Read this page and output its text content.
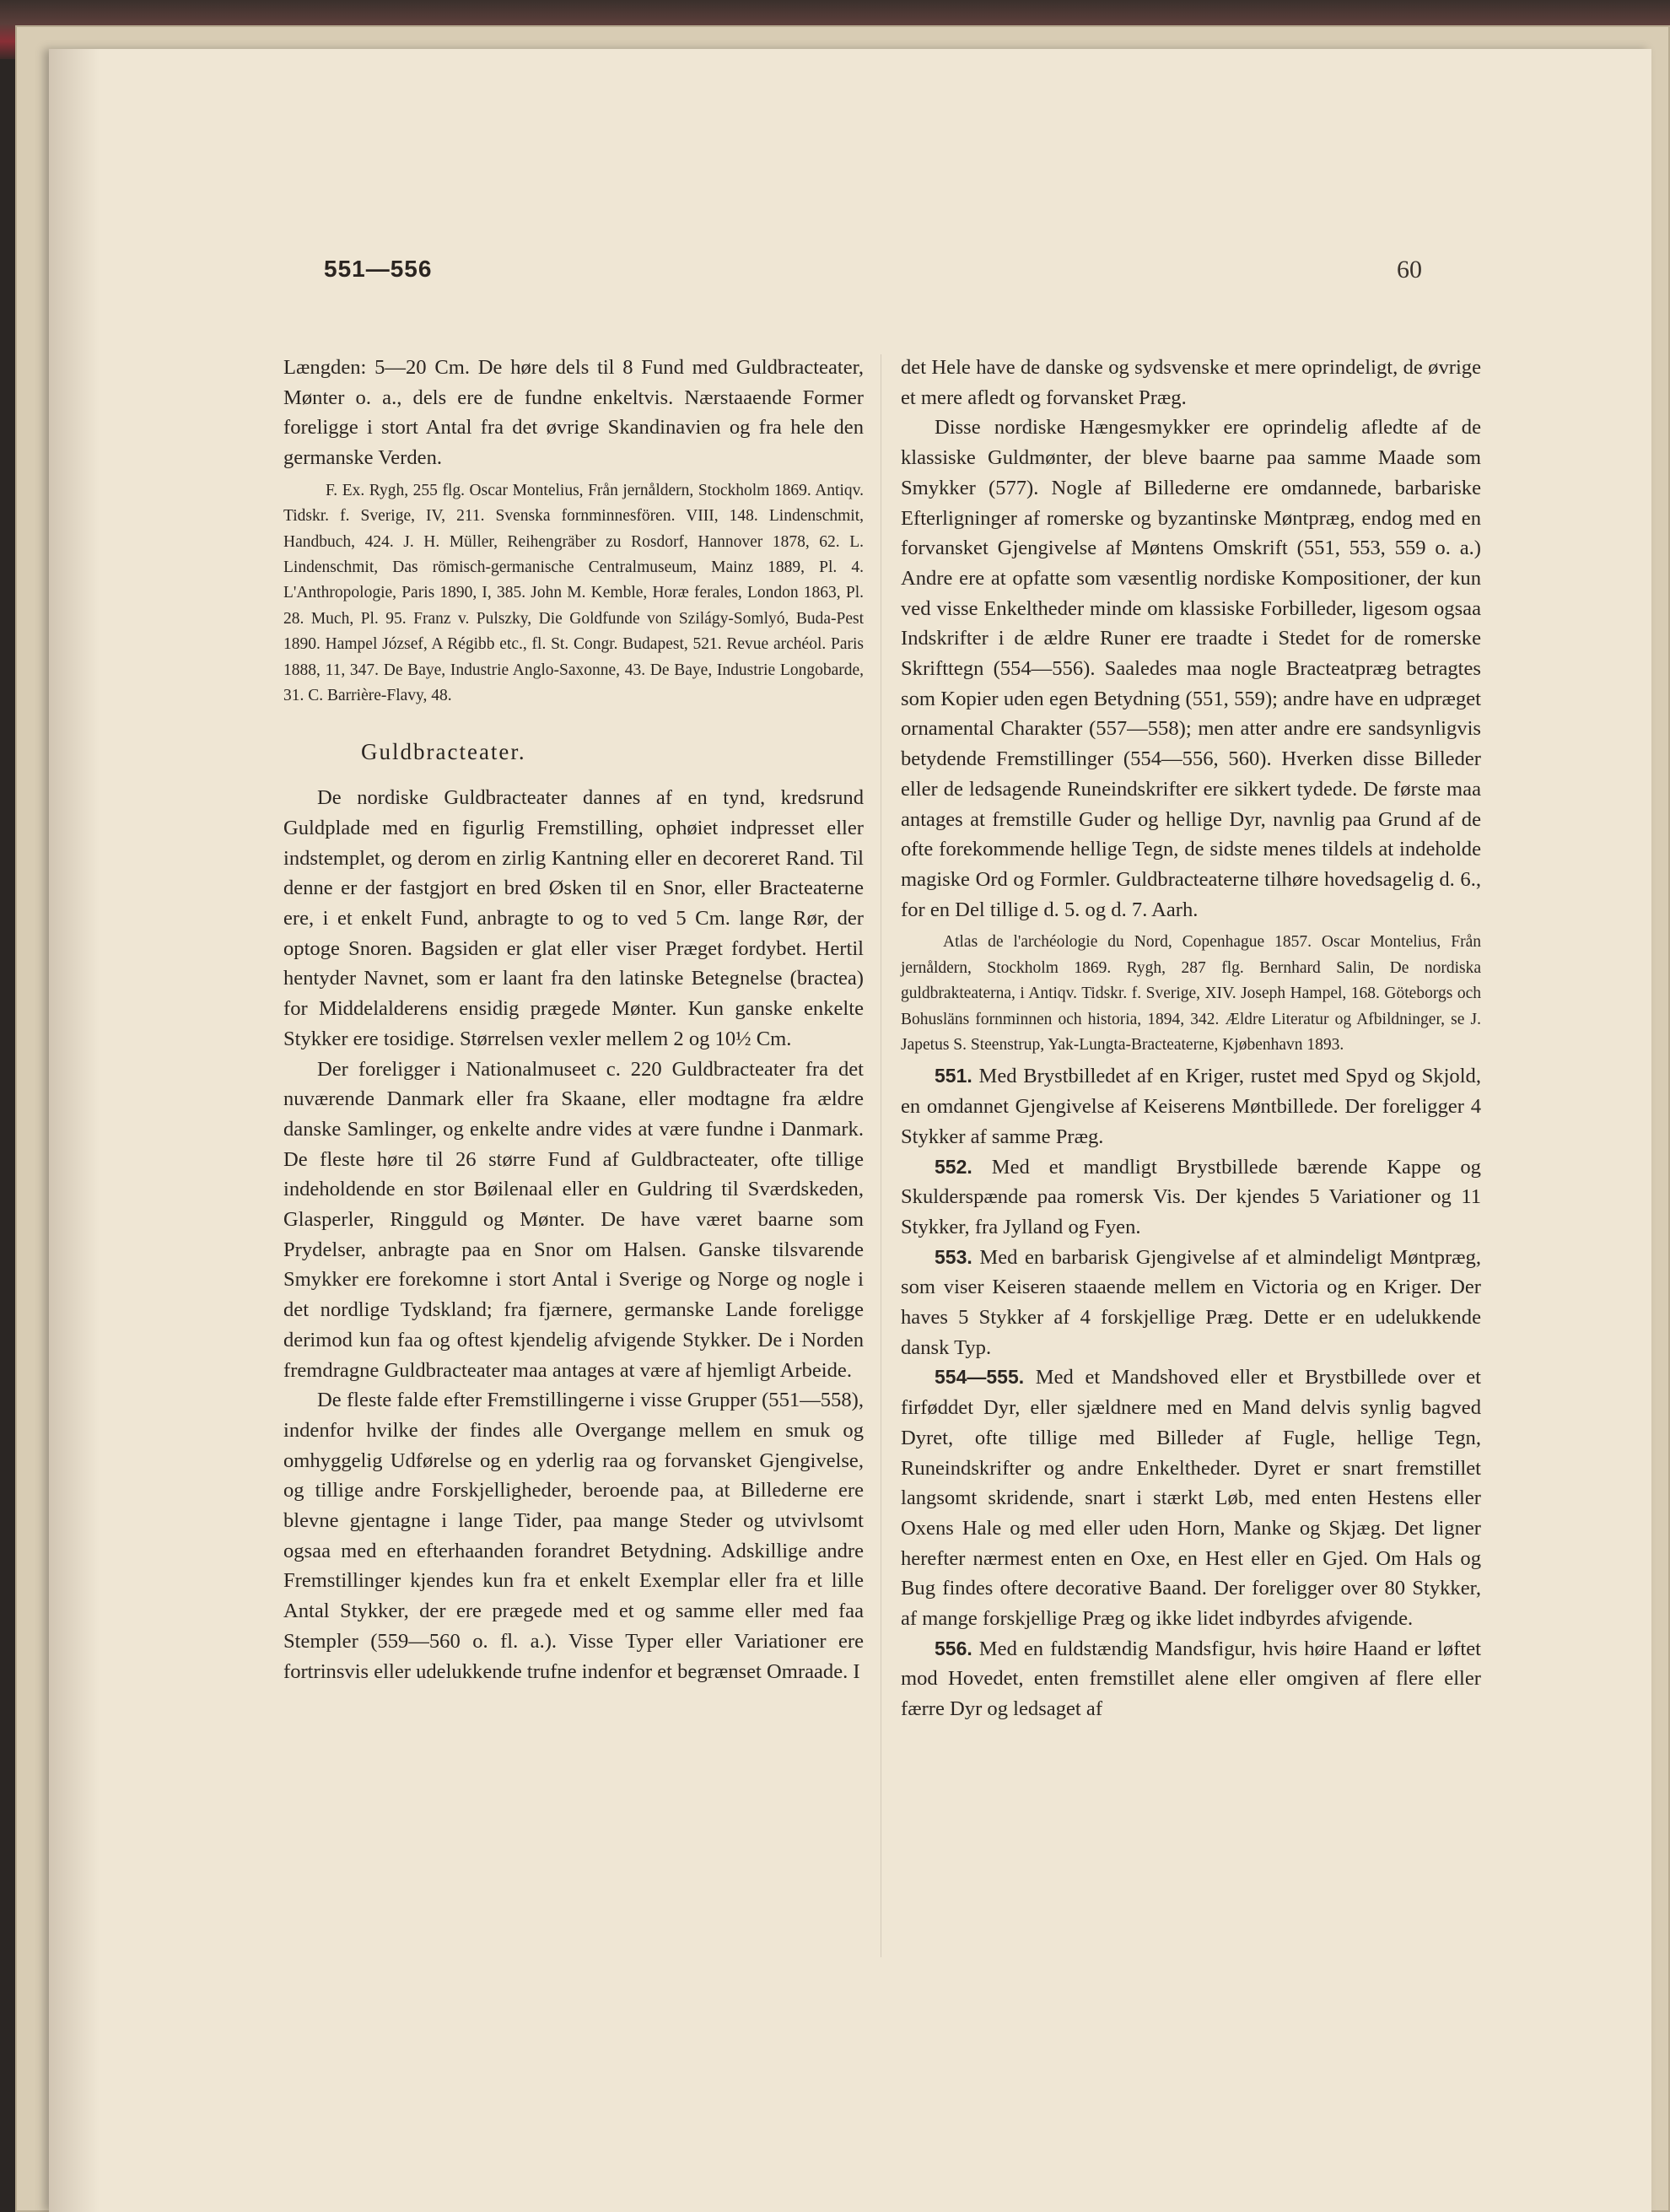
551—556	60

Længden: 5—20 Cm. De høre dels til 8 Fund med Guldbracteater, Mønter o. a., dels ere de fundne enkeltvis. Nærstaaende Former foreligge i stort Antal fra det øvrige Skandinavien og fra hele den germanske Verden.

F. Ex. Rygh, 255 flg. Oscar Montelius, Från jernåldern, Stockholm 1869. Antiqv. Tidskr. f. Sverige, IV, 211. Svenska fornminnesfören. VIII, 148. Lindenschmit, Handbuch, 424. J. H. Müller, Reihengräber zu Rosdorf, Hannover 1878, 62. L. Lindenschmit, Das römisch-germanische Centralmuseum, Mainz 1889, Pl. 4. L'Anthropologie, Paris 1890, I, 385. John M. Kemble, Horæ ferales, London 1863, Pl. 28. Much, Pl. 95. Franz v. Pulszky, Die Goldfunde von Szilágy-Somlyó, Buda-Pest 1890. Hampel József, A Régibb etc., fl. St. Congr. Budapest, 521. Revue archéol. Paris 1888, 11, 347. De Baye, Industrie Anglo-Saxonne, 43. De Baye, Industrie Longobarde, 31. C. Barrière-Flavy, 48.

Guldbracteater.

De nordiske Guldbracteater dannes af en tynd, kredsrund Guldplade med en figurlig Fremstilling, ophøiet indpresset eller indstemplet, og derom en zirlig Kantning eller en decoreret Rand. Til denne er der fastgjort en bred Øsken til en Snor, eller Bracteaterne ere, i et enkelt Fund, anbragte to og to ved 5 Cm. lange Rør, der optoge Snoren. Bagsiden er glat eller viser Præget fordybet. Hertil hentyder Navnet, som er laant fra den latinske Betegnelse (bractea) for Middelalderens ensidig prægede Mønter. Kun ganske enkelte Stykker ere tosidige. Størrelsen vexler mellem 2 og 10½ Cm.

Der foreligger i Nationalmuseet c. 220 Guldbracteater fra det nuværende Danmark eller fra Skaane, eller modtagne fra ældre danske Samlinger, og enkelte andre vides at være fundne i Danmark. De fleste høre til 26 større Fund af Guldbracteater, ofte tillige indeholdende en stor Bøilenaal eller en Guldring til Sværdskeden, Glasperler, Ringguld og Mønter. De have været baarne som Prydelser, anbragte paa en Snor om Halsen. Ganske tilsvarende Smykker ere forekomne i stort Antal i Sverige og Norge og nogle i det nordlige Tydskland; fra fjærnere, germanske Lande foreligge derimod kun faa og oftest kjendelig afvigende Stykker. De i Norden fremdragne Guldbracteater maa antages at være af hjemligt Arbeide.

De fleste falde efter Fremstillingerne i visse Grupper (551—558), indenfor hvilke der findes alle Overgange mellem en smuk og omhyggelig Udførelse og en yderlig raa og forvansket Gjengivelse, og tillige andre Forskjelligheder, beroende paa, at Billederne ere blevne gjentagne i lange Tider, paa mange Steder og utvivlsomt ogsaa med en efterhaanden forandret Betydning. Adskillige andre Fremstillinger kjendes kun fra et enkelt Exemplar eller fra et lille Antal Stykker, der ere prægede med et og samme eller med faa Stempler (559—560 o. fl. a.). Visse Typer eller Variationer ere fortrinsvis eller udelukkende trufne indenfor et begrænset Omraade. I

det Hele have de danske og sydsvenske et mere oprindeligt, de øvrige et mere afledt og forvansket Præg.

Disse nordiske Hængesmykker ere oprindelig afledte af de klassiske Guldmønter, der bleve baarne paa samme Maade som Smykker (577). Nogle af Billederne ere omdannede, barbariske Efterligninger af romerske og byzantinske Møntpræg, endog med en forvansket Gjengivelse af Møntens Omskrift (551, 553, 559 o. a.) Andre ere at opfatte som væsentlig nordiske Kompositioner, der kun ved visse Enkeltheder minde om klassiske Forbilleder, ligesom ogsaa Indskrifter i de ældre Runer ere traadte i Stedet for de romerske Skrifttegn (554—556). Saaledes maa nogle Bracteatpræg betragtes som Kopier uden egen Betydning (551, 559); andre have en udpræget ornamental Charakter (557—558); men atter andre ere sandsynligvis betydende Fremstillinger (554—556, 560). Hverken disse Billeder eller de ledsagende Runeindskrifter ere sikkert tydede. De første maa antages at fremstille Guder og hellige Dyr, navnlig paa Grund af de ofte forekommende hellige Tegn, de sidste menes tildels at indeholde magiske Ord og Formler. Guldbracteaterne tilhøre hovedsagelig d. 6., for en Del tillige d. 5. og d. 7. Aarh.

Atlas de l'archéologie du Nord, Copenhague 1857. Oscar Montelius, Från jernåldern, Stockholm 1869. Rygh, 287 flg. Bernhard Salin, De nordiska guldbrakteaterna, i Antiqv. Tidskr. f. Sverige, XIV. Joseph Hampel, 168. Göteborgs och Bohusläns fornminnen och historia, 1894, 342. Ældre Literatur og Afbildninger, se J. Japetus S. Steenstrup, Yak-Lungta-Bracteaterne, Kjøbenhavn 1893.

551. Med Brystbilledet af en Kriger, rustet med Spyd og Skjold, en omdannet Gjengivelse af Keiserens Møntbillede. Der foreligger 4 Stykker af samme Præg.

552. Med et mandligt Brystbillede bærende Kappe og Skulderspænde paa romersk Vis. Der kjendes 5 Variationer og 11 Stykker, fra Jylland og Fyen.

553. Med en barbarisk Gjengivelse af et almindeligt Møntpræg, som viser Keiseren staaende mellem en Victoria og en Kriger. Der haves 5 Stykker af 4 forskjellige Præg. Dette er en udelukkende dansk Typ.

554—555. Med et Mandshoved eller et Brystbillede over et firføddet Dyr, eller sjældnere med en Mand delvis synlig bagved Dyret, ofte tillige med Billeder af Fugle, hellige Tegn, Runeindskrifter og andre Enkeltheder. Dyret er snart fremstillet langsomt skridende, snart i stærkt Løb, med enten Hestens eller Oxens Hale og med eller uden Horn, Manke og Skjæg. Det ligner herefter nærmest enten en Oxe, en Hest eller en Gjed. Om Hals og Bug findes oftere decorative Baand. Der foreligger over 80 Stykker, af mange forskjellige Præg og ikke lidet indbyrdes afvigende.

556. Med en fuldstændig Mandsfigur, hvis høire Haand er løftet mod Hovedet, enten fremstillet alene eller omgiven af flere eller færre Dyr og ledsaget af
